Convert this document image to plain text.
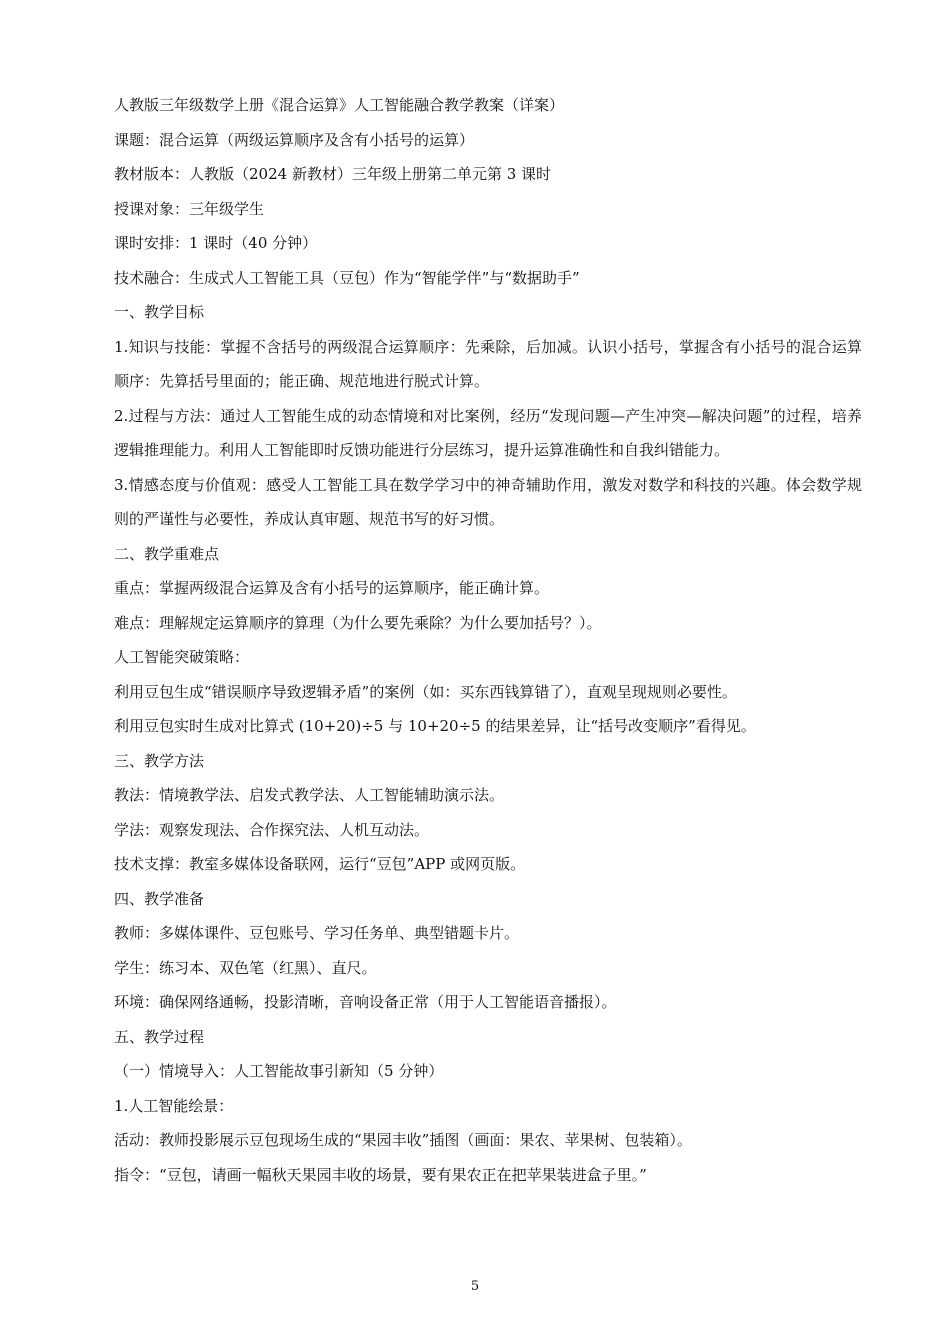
人教版三年级数学上册《混合运算》人工智能融合教学教案（详案）

课题：混合运算（两级运算顺序及含有小括号的运算）

教材版本：人教版（2024 新教材）三年级上册第二单元第 3 课时

授课对象：三年级学生

课时安排：1 课时（40 分钟）

技术融合：生成式人工智能工具（豆包）作为“智能学伴”与“数据助手”

一、教学目标

1.知识与技能：掌握不含括号的两级混合运算顺序：先乘除，后加减。认识小括号，掌握含有小括号的混合运算顺序：先算括号里面的；能正确、规范地进行脱式计算。

2.过程与方法：通过人工智能生成的动态情境和对比案例，经历“发现问题—产生冲突—解决问题”的过程，培养逻辑推理能力。利用人工智能即时反馈功能进行分层练习，提升运算准确性和自我纠错能力。

3.情感态度与价值观：感受人工智能工具在数学学习中的神奇辅助作用，激发对数学和科技的兴趣。体会数学规则的严谨性与必要性，养成认真审题、规范书写的好习惯。

二、教学重难点

重点：掌握两级混合运算及含有小括号的运算顺序，能正确计算。

难点：理解规定运算顺序的算理（为什么要先乘除？为什么要加括号？）。

人工智能突破策略：

利用豆包生成“错误顺序导致逻辑矛盾”的案例（如：买东西钱算错了），直观呈现规则必要性。

利用豆包实时生成对比算式 (10+20)÷5 与 10+20÷5 的结果差异，让“括号改变顺序”看得见。

三、教学方法

教法：情境教学法、启发式教学法、人工智能辅助演示法。

学法：观察发现法、合作探究法、人机互动法。

技术支撑：教室多媒体设备联网，运行“豆包”APP 或网页版。

四、教学准备

教师：多媒体课件、豆包账号、学习任务单、典型错题卡片。

学生：练习本、双色笔（红黑）、直尺。

环境：确保网络通畅，投影清晰，音响设备正常（用于人工智能语音播报）。

五、教学过程

（一）情境导入：人工智能故事引新知（5 分钟）

1.人工智能绘景：

活动：教师投影展示豆包现场生成的“果园丰收”插图（画面：果农、苹果树、包装箱）。

指令：“豆包，请画一幅秋天果园丰收的场景，要有果农正在把苹果装进盒子里。”

5
